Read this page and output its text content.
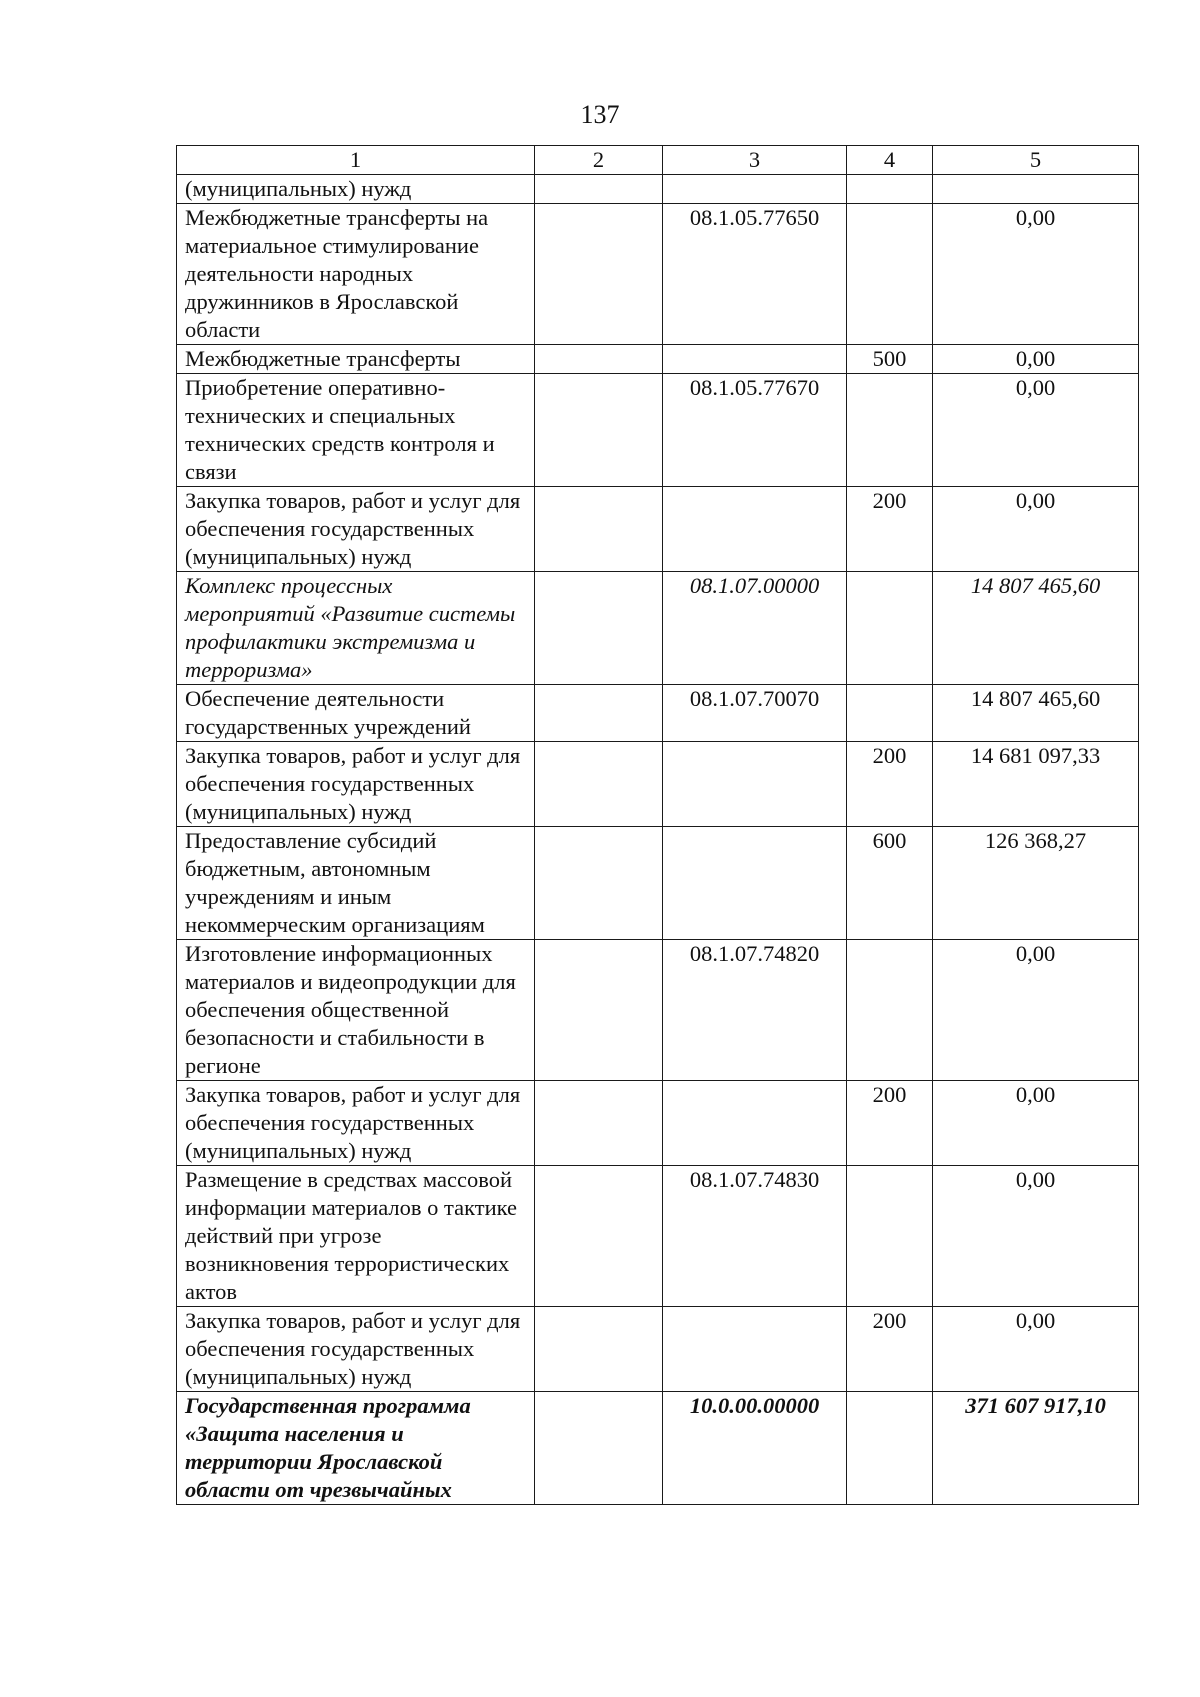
137
1	2	3	4	5
(муниципальных) нужд				
Межбюджетные трансферты на материальное стимулирование деятельности народных дружинников в Ярославской области		08.1.05.77650		0,00
Межбюджетные трансферты			500	0,00
Приобретение оперативно-технических и специальных технических средств контроля и связи		08.1.05.77670		0,00
Закупка товаров, работ и услуг для обеспечения государственных (муниципальных) нужд			200	0,00
Комплекс процессных мероприятий «Развитие системы профилактики экстремизма и терроризма»		08.1.07.00000		14 807 465,60
Обеспечение деятельности государственных учреждений		08.1.07.70070		14 807 465,60
Закупка товаров, работ и услуг для обеспечения государственных (муниципальных) нужд			200	14 681 097,33
Предоставление субсидий бюджетным, автономным учреждениям и иным некоммерческим организациям			600	126 368,27
Изготовление информационных материалов и видеопродукции для обеспечения общественной безопасности и стабильности в регионе		08.1.07.74820		0,00
Закупка товаров, работ и услуг для обеспечения государственных (муниципальных) нужд			200	0,00
Размещение в средствах массовой информации материалов о тактике действий при угрозе возникновения террористических актов		08.1.07.74830		0,00
Закупка товаров, работ и услуг для обеспечения государственных (муниципальных) нужд			200	0,00
Государственная программа «Защита населения и территории Ярославской области от чрезвычайных		10.0.00.00000		371 607 917,10
